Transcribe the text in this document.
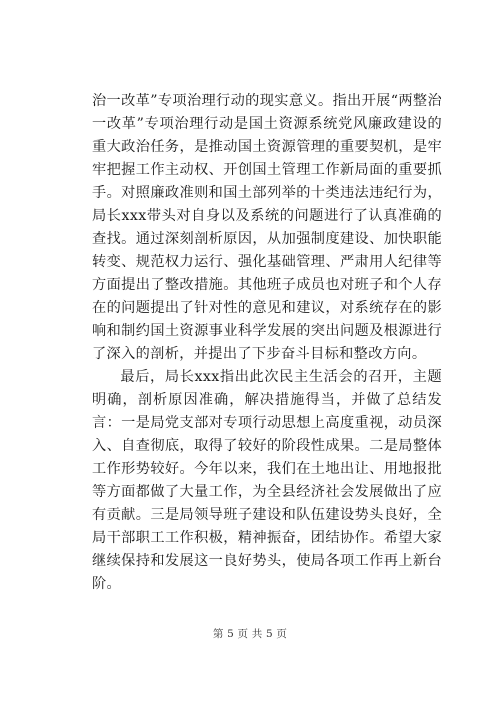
治一改革”专项治理行动的现实意义。指出开展“两整治一改革”专项治理行动是国土资源系统党风廉政建设的重大政治任务，是推动国土资源管理的重要契机，是牢牢把握工作主动权、开创国土管理工作新局面的重要抓手。对照廉政准则和国土部列举的十类违法违纪行为，局长xxx带头对自身以及系统的问题进行了认真准确的查找。通过深刻剖析原因，从加强制度建设、加快职能转变、规范权力运行、强化基础管理、严肃用人纪律等方面提出了整改措施。其他班子成员也对班子和个人存在的问题提出了针对性的意见和建议，对系统存在的影响和制约国土资源事业科学发展的突出问题及根源进行了深入的剖析，并提出了下步奋斗目标和整改方向。

最后，局长xxx指出此次民主生活会的召开，主题明确，剖析原因准确，解决措施得当，并做了总结发言：一是局党支部对专项行动思想上高度重视，动员深入、自查彻底，取得了较好的阶段性成果。二是局整体工作形势较好。今年以来，我们在土地出让、用地报批等方面都做了大量工作，为全县经济社会发展做出了应有贡献。三是局领导班子建设和队伍建设势头良好，全局干部职工工作积极，精神振奋，团结协作。希望大家继续保持和发展这一良好势头，使局各项工作再上新台阶。

第 5 页 共 5 页
